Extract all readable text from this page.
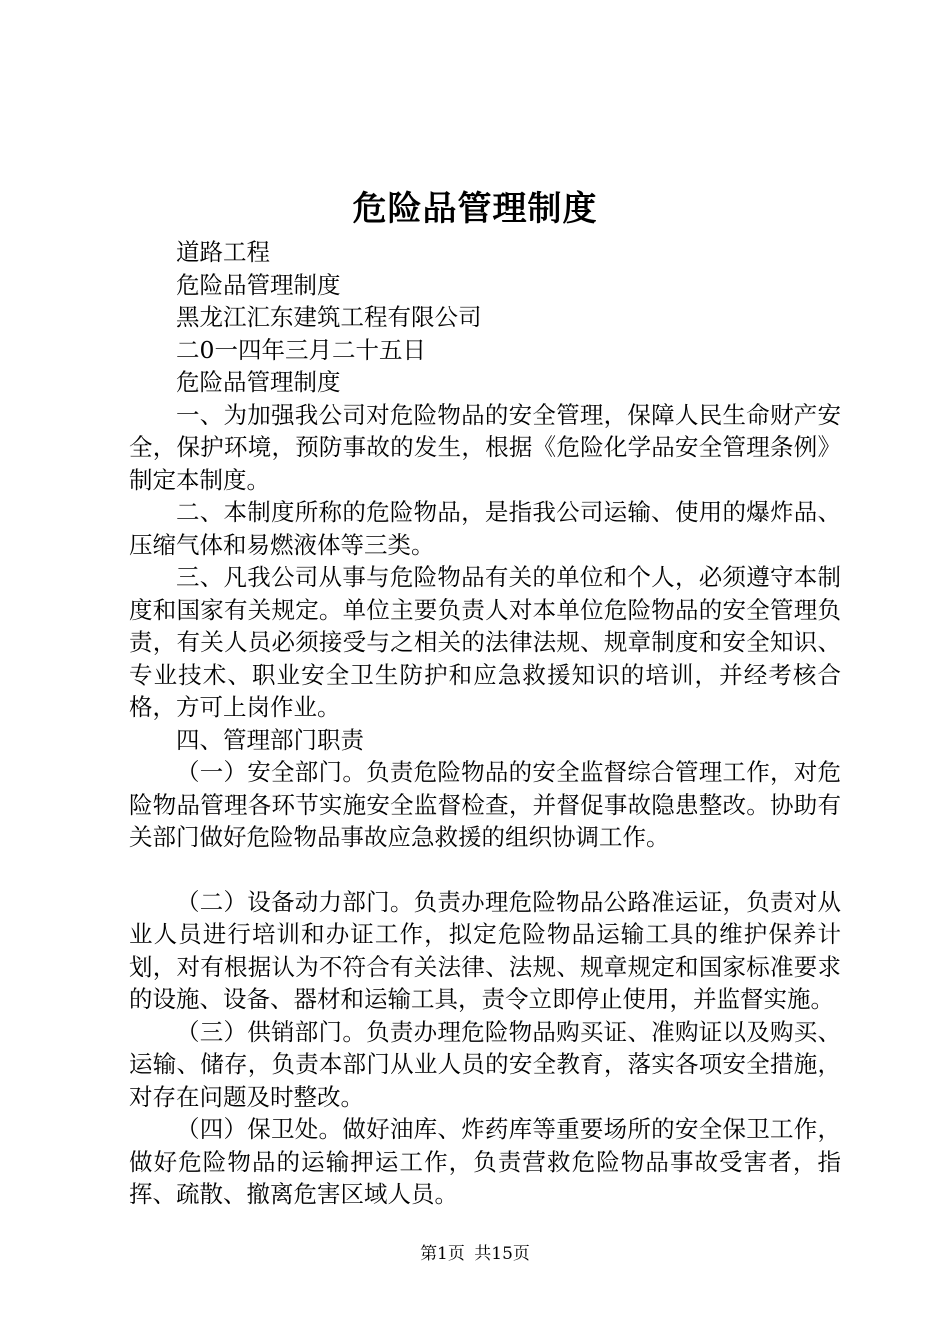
危险品管理制度

道路工程

危险品管理制度

黑龙江汇东建筑工程有限公司

二0一四年三月二十五日

危险品管理制度

一、为加强我公司对危险物品的安全管理，保障人民生命财产安全，保护环境，预防事故的发生，根据《危险化学品安全管理条例》制定本制度。

二、本制度所称的危险物品，是指我公司运输、使用的爆炸品、压缩气体和易燃液体等三类。

三、凡我公司从事与危险物品有关的单位和个人，必须遵守本制度和国家有关规定。单位主要负责人对本单位危险物品的安全管理负责，有关人员必须接受与之相关的法律法规、规章制度和安全知识、专业技术、职业安全卫生防护和应急救援知识的培训，并经考核合格，方可上岗作业。

四、管理部门职责

（一）安全部门。负责危险物品的安全监督综合管理工作，对危险物品管理各环节实施安全监督检查，并督促事故隐患整改。协助有关部门做好危险物品事故应急救援的组织协调工作。

（二）设备动力部门。负责办理危险物品公路准运证，负责对从业人员进行培训和办证工作，拟定危险物品运输工具的维护保养计划，对有根据认为不符合有关法律、法规、规章规定和国家标准要求的设施、设备、器材和运输工具，责令立即停止使用，并监督实施。

（三）供销部门。负责办理危险物品购买证、准购证以及购买、运输、储存，负责本部门从业人员的安全教育，落实各项安全措施，对存在问题及时整改。

（四）保卫处。做好油库、炸药库等重要场所的安全保卫工作，做好危险物品的运输押运工作，负责营救危险物品事故受害者，指挥、疏散、撤离危害区域人员。

第1页 共15页
